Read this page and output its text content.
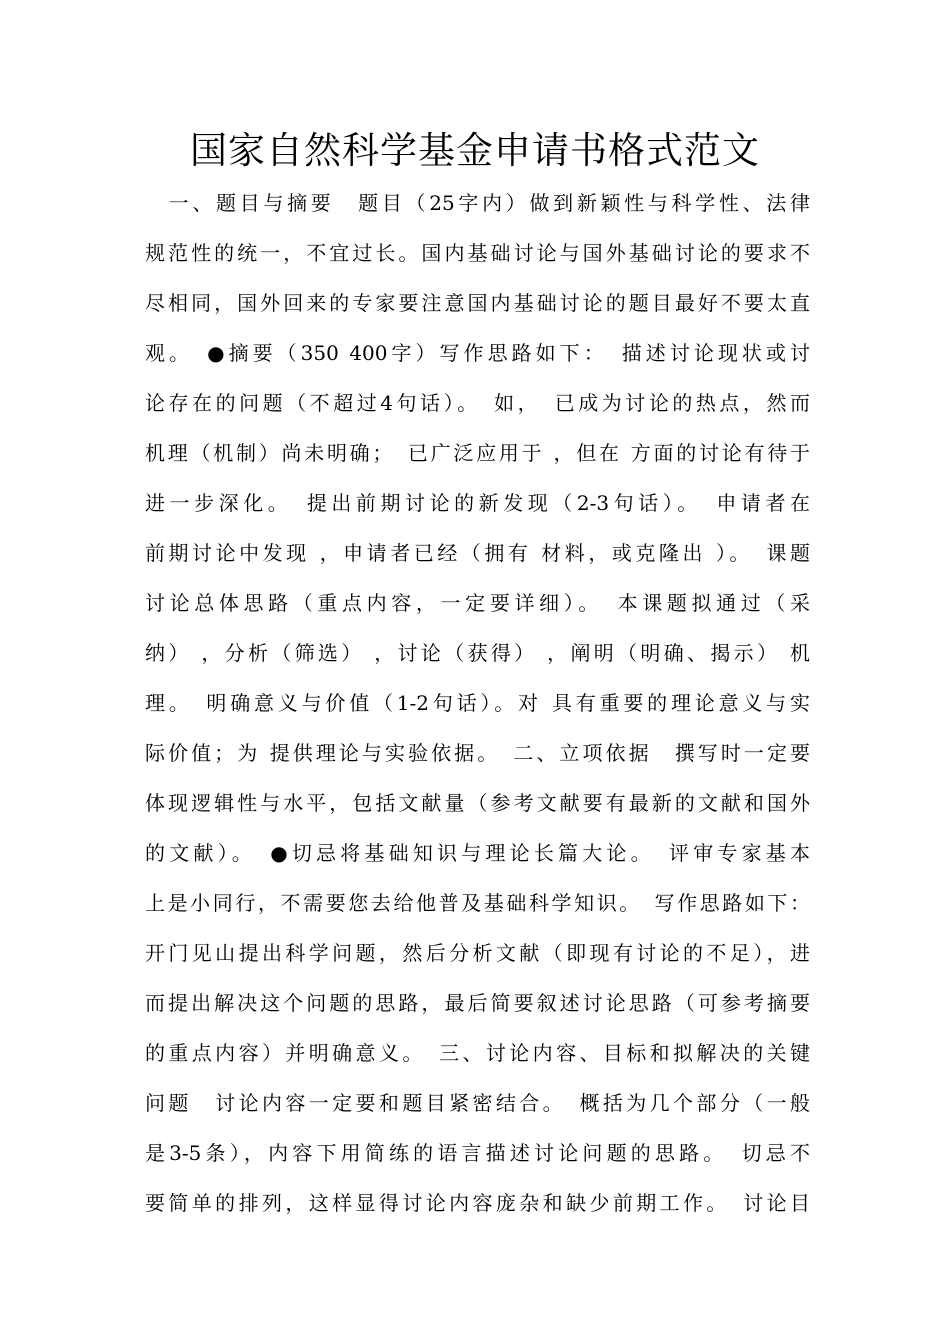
国家自然科学基金申请书格式范文
　一、题目与摘要　题目（25字内）做到新颖性与科学性、法律
规范性的统一，不宜过长。国内基础讨论与国外基础讨论的要求不
尽相同，国外回来的专家要注意国内基础讨论的题目最好不要太直
观。　●摘要（350 400字）写作思路如下：　描述讨论现状或讨
论存在的问题（不超过4句话）。　如，　已成为讨论的热点，然而
机理（机制）尚未明确；　已广泛应用于 ，但在 方面的讨论有待于
进一步深化。　提出前期讨论的新发现（2-3句话）。　申请者在
前期讨论中发现 ，申请者已经（拥有 材料，或克隆出 ）。　课题
讨论总体思路（重点内容，一定要详细）。　本课题拟通过（采
纳） ，分析（筛选） ，讨论（获得） ，阐明（明确、揭示） 机
理。　明确意义与价值（1-2句话）。对 具有重要的理论意义与实
际价值；为 提供理论与实验依据。　二、立项依据　撰写时一定要
体现逻辑性与水平，包括文献量（参考文献要有最新的文献和国外
的文献）。　●切忌将基础知识与理论长篇大论。　评审专家基本
上是小同行，不需要您去给他普及基础科学知识。　写作思路如下：
开门见山提出科学问题，然后分析文献（即现有讨论的不足），进
而提出解决这个问题的思路，最后简要叙述讨论思路（可参考摘要
的重点内容）并明确意义。　三、讨论内容、目标和拟解决的关键
问题　讨论内容一定要和题目紧密结合。　概括为几个部分（一般
是3-5条），内容下用简练的语言描述讨论问题的思路。　切忌不
要简单的排列，这样显得讨论内容庞杂和缺少前期工作。　讨论目
